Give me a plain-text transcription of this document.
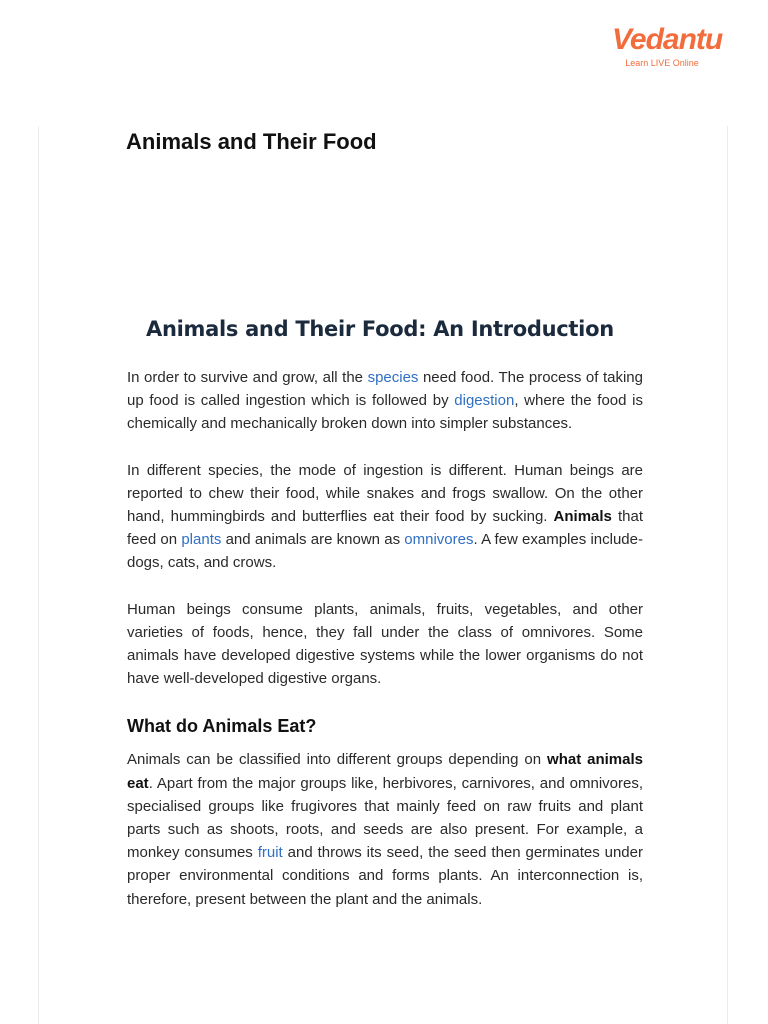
Vedantu
Learn LIVE Online
Animals and Their Food
Animals and Their Food: An Introduction

In order to survive and grow, all the species need food. The process of taking up food is called ingestion which is followed by digestion, where the food is chemically and mechanically broken down into simpler substances.

In different species, the mode of ingestion is different. Human beings are reported to chew their food, while snakes and frogs swallow. On the other hand, hummingbirds and butterflies eat their food by sucking. Animals that feed on plants and animals are known as omnivores. A few examples include- dogs, cats, and crows.

Human beings consume plants, animals, fruits, vegetables, and other varieties of foods, hence, they fall under the class of omnivores. Some animals have developed digestive systems while the lower organisms do not have well-developed digestive organs.

What do Animals Eat?

Animals can be classified into different groups depending on what animals eat. Apart from the major groups like, herbivores, carnivores, and omnivores, specialised groups like frugivores that mainly feed on raw fruits and plant parts such as shoots, roots, and seeds are also present. For example, a monkey consumes fruit and throws its seed, the seed then germinates under proper environmental conditions and forms plants. An interconnection is, therefore, present between the plant and the animals.
